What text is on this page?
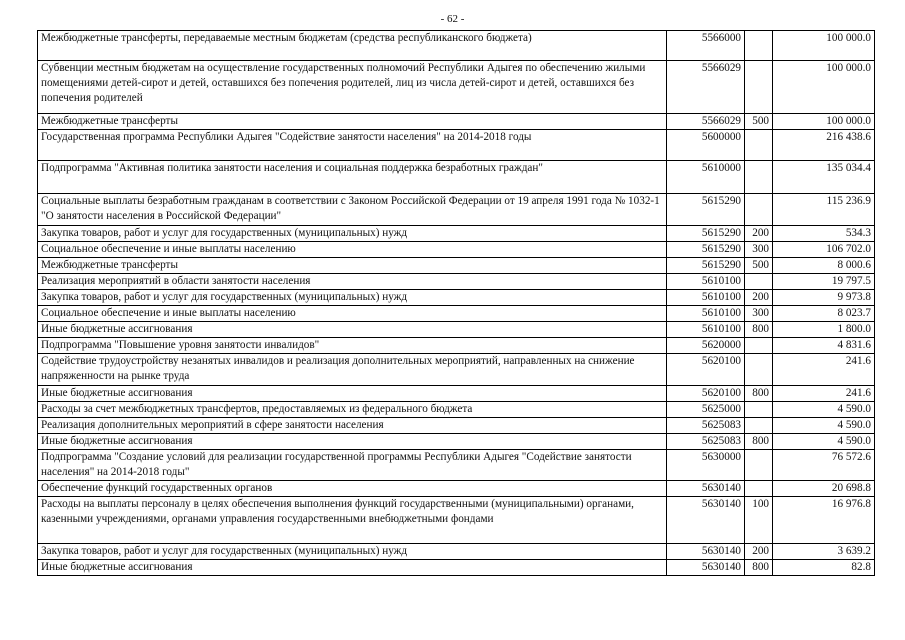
- 62 -
Межбюджетные трансферты, передаваемые местным бюджетам (средства республиканского бюджета)	5566000		100 000.0
Субвенции местным бюджетам на осуществление государственных полномочий Республики Адыгея по обеспечению жилыми помещениями детей-сирот и детей, оставшихся без попечения родителей, лиц из числа детей-сирот и детей, оставшихся без попечения родителей	5566029		100 000.0
Межбюджетные трансферты	5566029	500	100 000.0
Государственная программа Республики Адыгея "Содействие занятости населения" на 2014-2018 годы	5600000		216 438.6
Подпрограмма "Активная политика занятости населения и социальная поддержка безработных граждан"	5610000		135 034.4
Социальные выплаты безработным гражданам в соответствии с Законом Российской Федерации от 19 апреля 1991 года № 1032-1 "О занятости населения в Российской Федерации"	5615290		115 236.9
Закупка товаров, работ и услуг для государственных (муниципальных) нужд	5615290	200	534.3
Социальное обеспечение и иные выплаты населению	5615290	300	106 702.0
Межбюджетные трансферты	5615290	500	8 000.6
Реализация мероприятий в области занятости населения	5610100		19 797.5
Закупка товаров, работ и услуг для государственных (муниципальных) нужд	5610100	200	9 973.8
Социальное обеспечение и иные выплаты населению	5610100	300	8 023.7
Иные бюджетные ассигнования	5610100	800	1 800.0
Подпрограмма "Повышение уровня занятости инвалидов"	5620000		4 831.6
Содействие трудоустройству незанятых инвалидов и реализация дополнительных мероприятий, направленных на снижение напряженности на рынке труда	5620100		241.6
Иные бюджетные ассигнования	5620100	800	241.6
Расходы за счет межбюджетных трансфертов, предоставляемых из федерального бюджета	5625000		4 590.0
Реализация дополнительных мероприятий в сфере занятости населения	5625083		4 590.0
Иные бюджетные ассигнования	5625083	800	4 590.0
Подпрограмма "Создание условий для реализации государственной программы Республики Адыгея "Содействие занятости населения" на 2014-2018 годы"	5630000		76 572.6
Обеспечение функций государственных органов	5630140		20 698.8
Расходы на выплаты персоналу в целях обеспечения выполнения функций государственными (муниципальными) органами, казенными учреждениями, органами управления государственными внебюджетными фондами	5630140	100	16 976.8
Закупка товаров, работ и услуг для государственных (муниципальных) нужд	5630140	200	3 639.2
Иные бюджетные ассигнования	5630140	800	82.8
